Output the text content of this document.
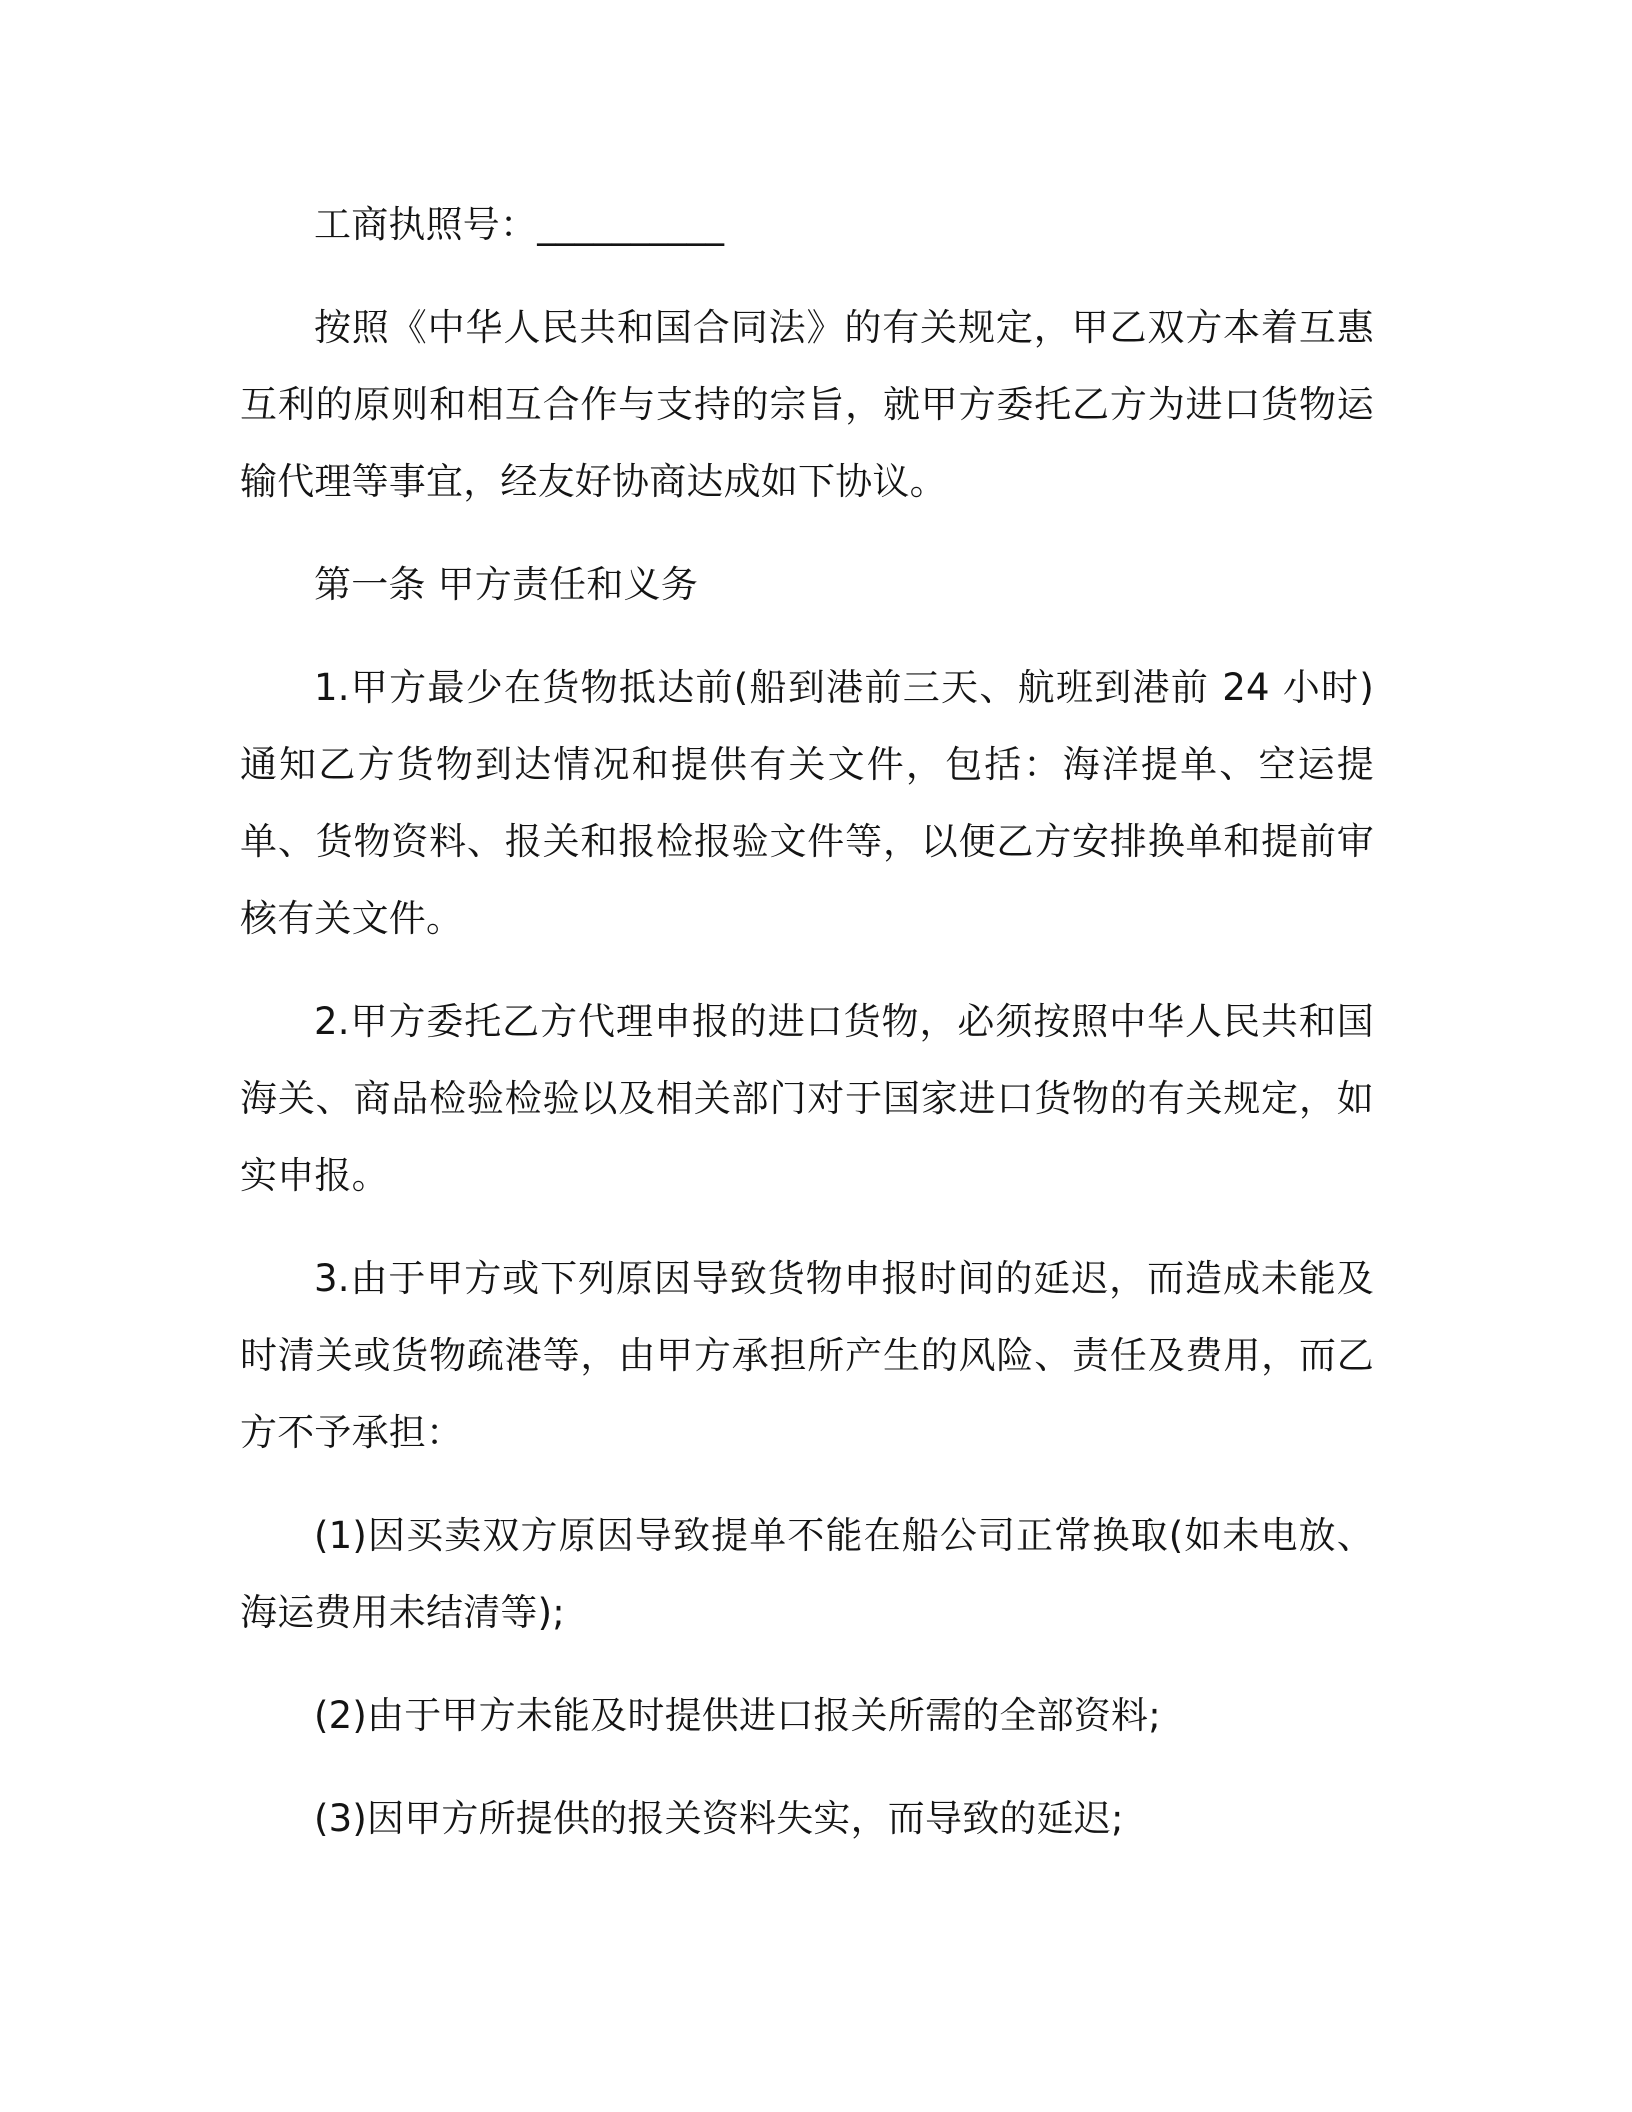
工商执照号：__________

按照《中华人民共和国合同法》的有关规定，甲乙双方本着互惠互利的原则和相互合作与支持的宗旨，就甲方委托乙方为进口货物运输代理等事宜，经友好协商达成如下协议。

第一条 甲方责任和义务

1.甲方最少在货物抵达前(船到港前三天、航班到港前 24 小时)通知乙方货物到达情况和提供有关文件，包括：海洋提单、空运提单、货物资料、报关和报检报验文件等，以便乙方安排换单和提前审核有关文件。

2.甲方委托乙方代理申报的进口货物，必须按照中华人民共和国海关、商品检验检验以及相关部门对于国家进口货物的有关规定，如实申报。

3.由于甲方或下列原因导致货物申报时间的延迟，而造成未能及时清关或货物疏港等，由甲方承担所产生的风险、责任及费用，而乙方不予承担：

(1)因买卖双方原因导致提单不能在船公司正常换取(如未电放、海运费用未结清等);

(2)由于甲方未能及时提供进口报关所需的全部资料;

(3)因甲方所提供的报关资料失实，而导致的延迟;
